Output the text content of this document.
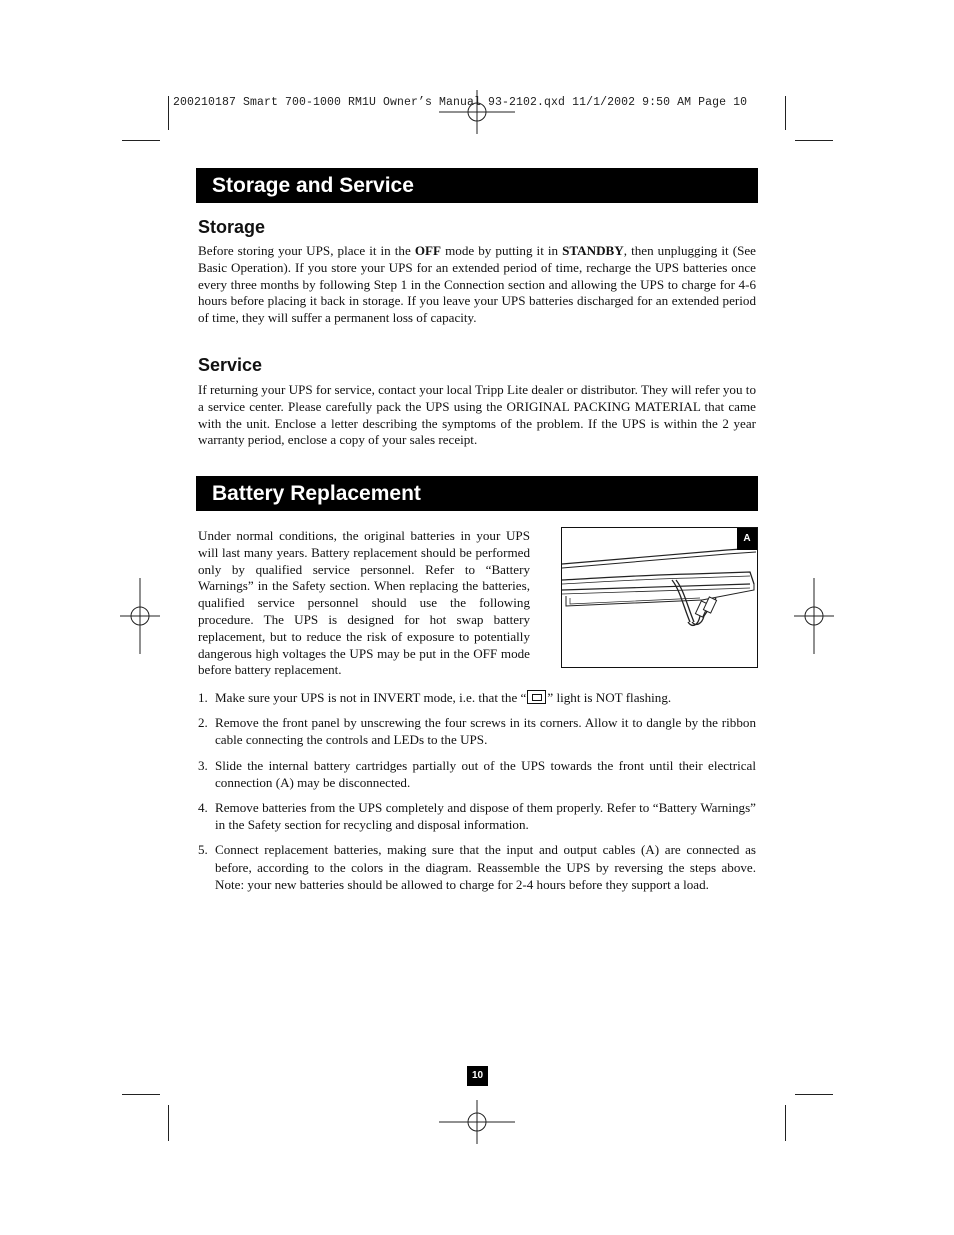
200210187 Smart 700-1000 RM1U Owner’s Manual 93-2102.qxd 11/1/2002 9:50 AM Page 10
Storage and Service
Storage

Before storing your UPS, place it in the OFF mode by putting it in STANDBY, then unplugging it (See Basic Operation). If you store your UPS for an extended period of time, recharge the UPS batteries once every three months by following Step 1 in the Connection section and allowing the UPS to charge for 4-6 hours before placing it back in storage. If you leave your UPS batteries discharged for an extended period of time, they will suffer a permanent loss of capacity.

Service

If returning your UPS for service, contact your local Tripp Lite dealer or distributor. They will refer you to a service center. Please carefully pack the UPS using the ORIGINAL PACKING MATERIAL that came with the unit. Enclose a letter describing the symptoms of the problem. If the UPS is within the 2 year warranty period, enclose a copy of your sales receipt.

Battery Replacement

Under normal conditions, the original batteries in your UPS will last many years. Battery replacement should be performed only by qualified service personnel. Refer to “Battery Warnings” in the Safety section. When replacing the batteries, qualified service personnel should use the following procedure. The UPS is designed for hot swap battery replacement, but to reduce the risk of exposure to potentially dangerous high voltages the UPS may be put in the OFF mode before battery replacement.

A
1. Make sure your UPS is not in INVERT mode, i.e. that the “ ” light is NOT flashing.
2. Remove the front panel by unscrewing the four screws in its corners. Allow it to dangle by the ribbon cable connecting the controls and LEDs to the UPS.
3. Slide the internal battery cartridges partially out of the UPS towards the front until their electrical connection (A) may be disconnected.
4. Remove batteries from the UPS completely and dispose of them properly. Refer to “Battery Warnings” in the Safety section for recycling and disposal information.
5. Connect replacement batteries, making sure that the input and output cables (A) are connected as before, according to the colors in the diagram. Reassemble the UPS by reversing the steps above. Note: your new batteries should be allowed to charge for 2-4 hours before they support a load.
10
